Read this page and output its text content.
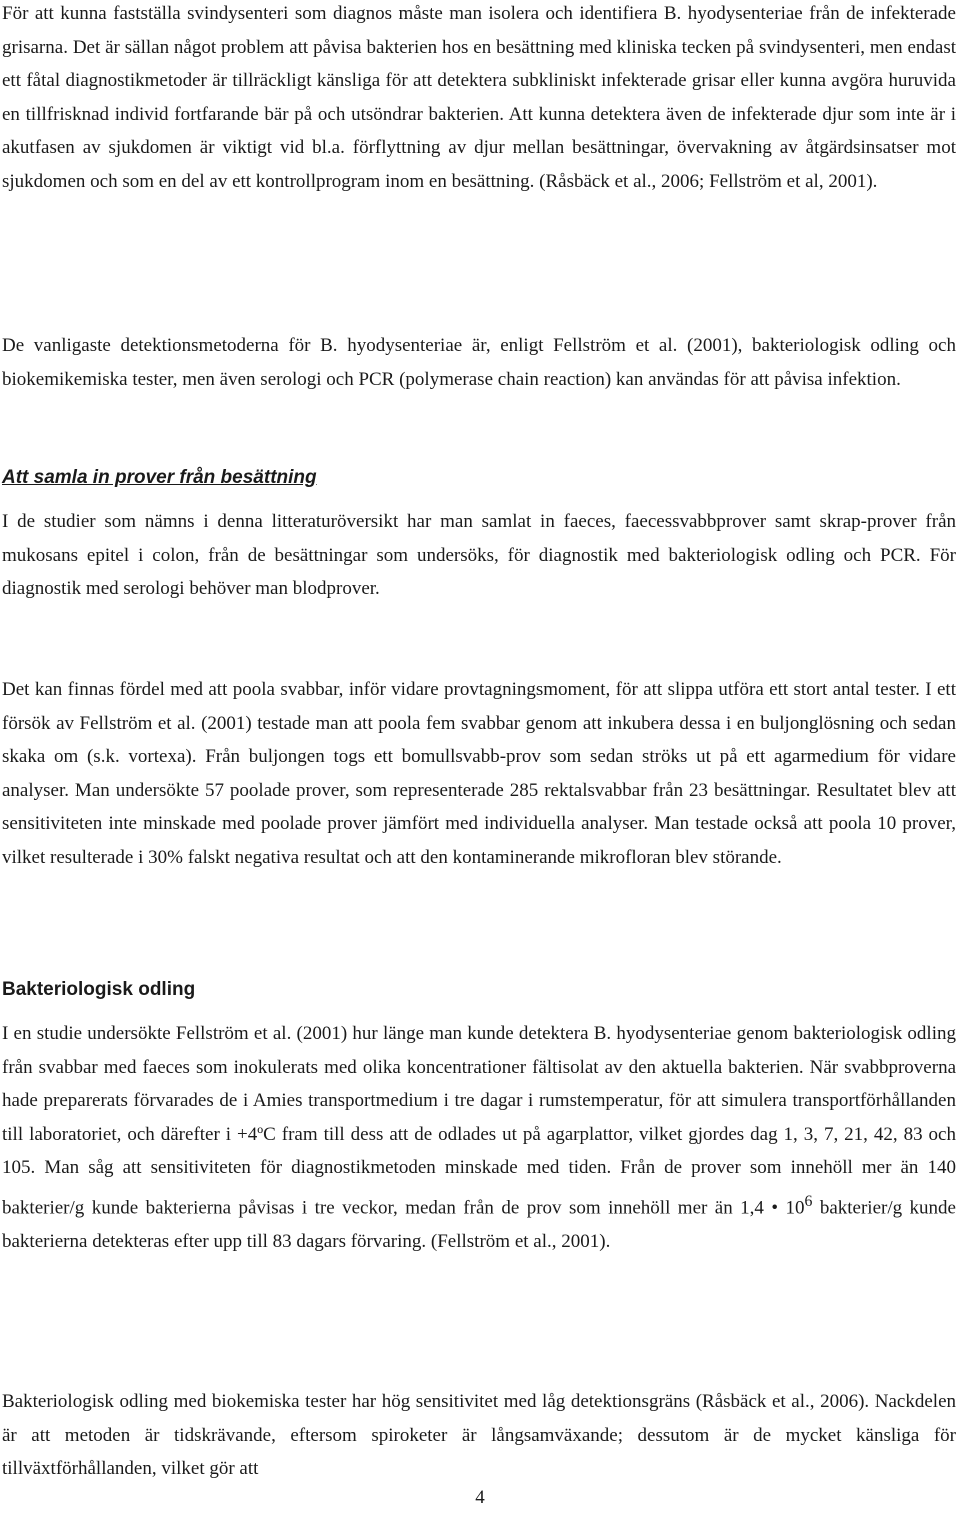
För att kunna fastställa svindysenteri som diagnos måste man isolera och identifiera B. hyodysenteriae från de infekterade grisarna. Det är sällan något problem att påvisa bakterien hos en besättning med kliniska tecken på svindysenteri, men endast ett fåtal diagnostikmetoder är tillräckligt känsliga för att detektera subkliniskt infekterade grisar eller kunna avgöra huruvida en tillfrisknad individ fortfarande bär på och utsöndrar bakterien. Att kunna detektera även de infekterade djur som inte är i akutfasen av sjukdomen är viktigt vid bl.a. förflyttning av djur mellan besättningar, övervakning av åtgärdsinsatser mot sjukdomen och som en del av ett kontrollprogram inom en besättning. (Råsbäck et al., 2006; Fellström et al, 2001).

De vanligaste detektionsmetoderna för B. hyodysenteriae är, enligt Fellström et al. (2001), bakteriologisk odling och biokemikemiska tester, men även serologi och PCR (polymerase chain reaction) kan användas för att påvisa infektion.

Att samla in prover från besättning

I de studier som nämns i denna litteraturöversikt har man samlat in faeces, faecessvabbprover samt skrap-prover från mukosans epitel i colon, från de besättningar som undersöks, för diagnostik med bakteriologisk odling och PCR. För diagnostik med serologi behöver man blodprover.

Det kan finnas fördel med att poola svabbar, inför vidare provtagningsmoment, för att slippa utföra ett stort antal tester. I ett försök av Fellström et al. (2001) testade man att poola fem svabbar genom att inkubera dessa i en buljonglösning och sedan skaka om (s.k. vortexa). Från buljongen togs ett bomullsvabb-prov som sedan ströks ut på ett agarmedium för vidare analyser. Man undersökte 57 poolade prover, som representerade 285 rektalsvabbar från 23 besättningar. Resultatet blev att sensitiviteten inte minskade med poolade prover jämfört med individuella analyser. Man testade också att poola 10 prover, vilket resulterade i 30% falskt negativa resultat och att den kontaminerande mikrofloran blev störande.

Bakteriologisk odling

I en studie undersökte Fellström et al. (2001) hur länge man kunde detektera B. hyodysenteriae genom bakteriologisk odling från svabbar med faeces som inokulerats med olika koncentrationer fältisolat av den aktuella bakterien. När svabbproverna hade preparerats förvarades de i Amies transportmedium i tre dagar i rumstemperatur, för att simulera transportförhållanden till laboratoriet, och därefter i +4ºC fram till dess att de odlades ut på agarplattor, vilket gjordes dag 1, 3, 7, 21, 42, 83 och 105. Man såg att sensitiviteten för diagnostikmetoden minskade med tiden. Från de prover som innehöll mer än 140 bakterier/g kunde bakterierna påvisas i tre veckor, medan från de prov som innehöll mer än 1,4 • $10^6$ bakterier/g kunde bakterierna detekteras efter upp till 83 dagars förvaring. (Fellström et al., 2001).

Bakteriologisk odling med biokemiska tester har hög sensitivitet med låg detektionsgräns (Råsbäck et al., 2006). Nackdelen är att metoden är tidskrävande, eftersom spiroketer är långsamväxande; dessutom är de mycket känsliga för tillväxtförhållanden, vilket gör att

4
